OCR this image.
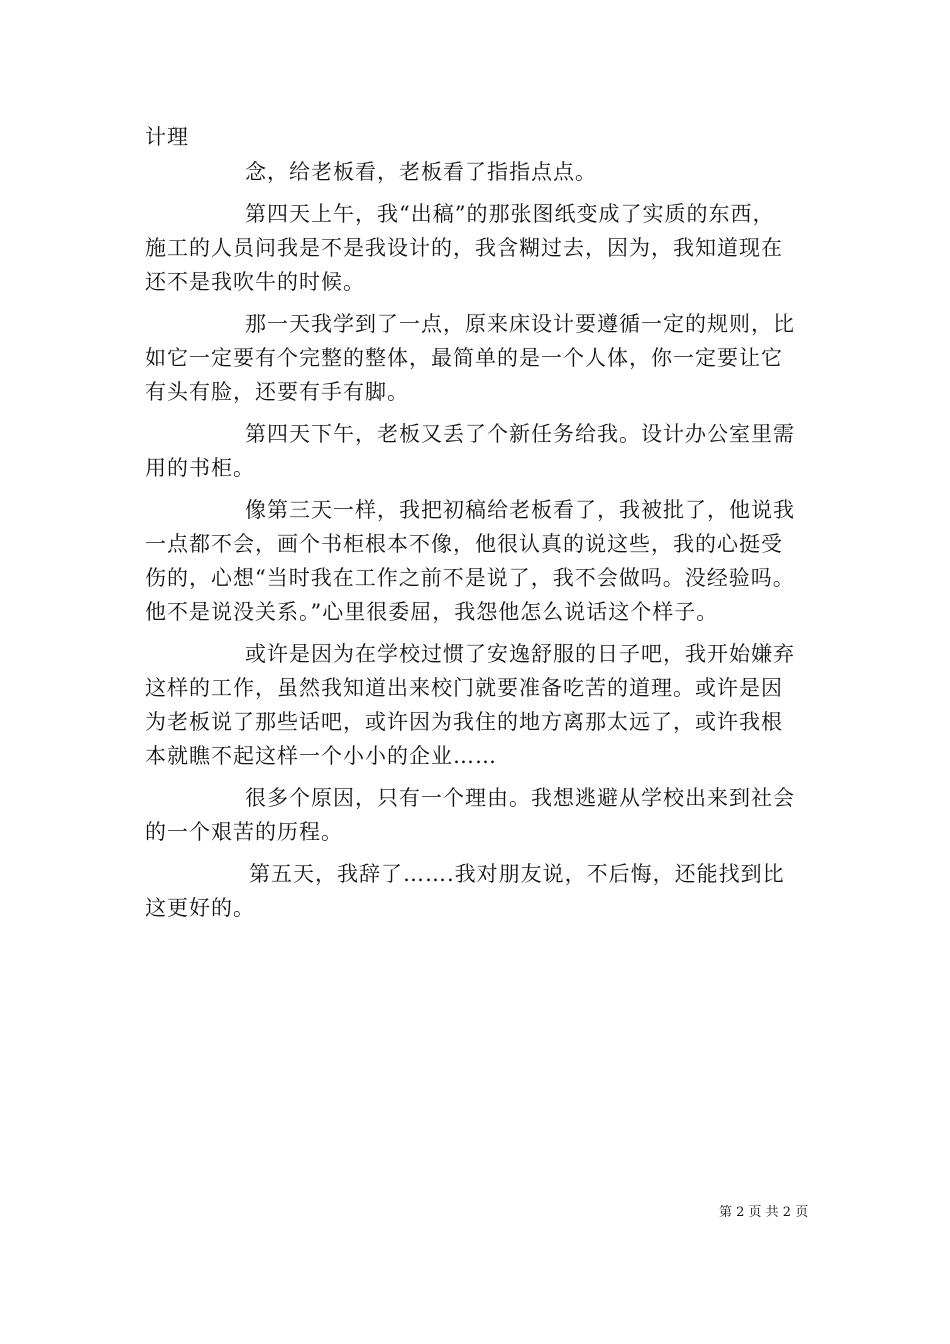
计理
念，给老板看，老板看了指指点点。
第四天上午，我“出稿”的那张图纸变成了实质的东西，
施工的人员问我是不是我设计的，我含糊过去，因为，我知道现在
还不是我吹牛的时候。
那一天我学到了一点，原来床设计要遵循一定的规则，比
如它一定要有个完整的整体，最简单的是一个人体，你一定要让它
有头有脸，还要有手有脚。
第四天下午，老板又丢了个新任务给我。设计办公室里需
用的书柜。
像第三天一样，我把初稿给老板看了，我被批了，他说我
一点都不会，画个书柜根本不像，他很认真的说这些，我的心挺受
伤的，心想“当时我在工作之前不是说了，我不会做吗。没经验吗。
他不是说没关系。”心里很委屈，我怨他怎么说话这个样子。
或许是因为在学校过惯了安逸舒服的日子吧，我开始嫌弃
这样的工作，虽然我知道出来校门就要准备吃苦的道理。或许是因
为老板说了那些话吧，或许因为我住的地方离那太远了，或许我根
本就瞧不起这样一个小小的企业……
很多个原因，只有一个理由。我想逃避从学校出来到社会
的一个艰苦的历程。
第五天，我辞了…….我对朋友说，不后悔，还能找到比
这更好的。
第 2 页 共 2 页
